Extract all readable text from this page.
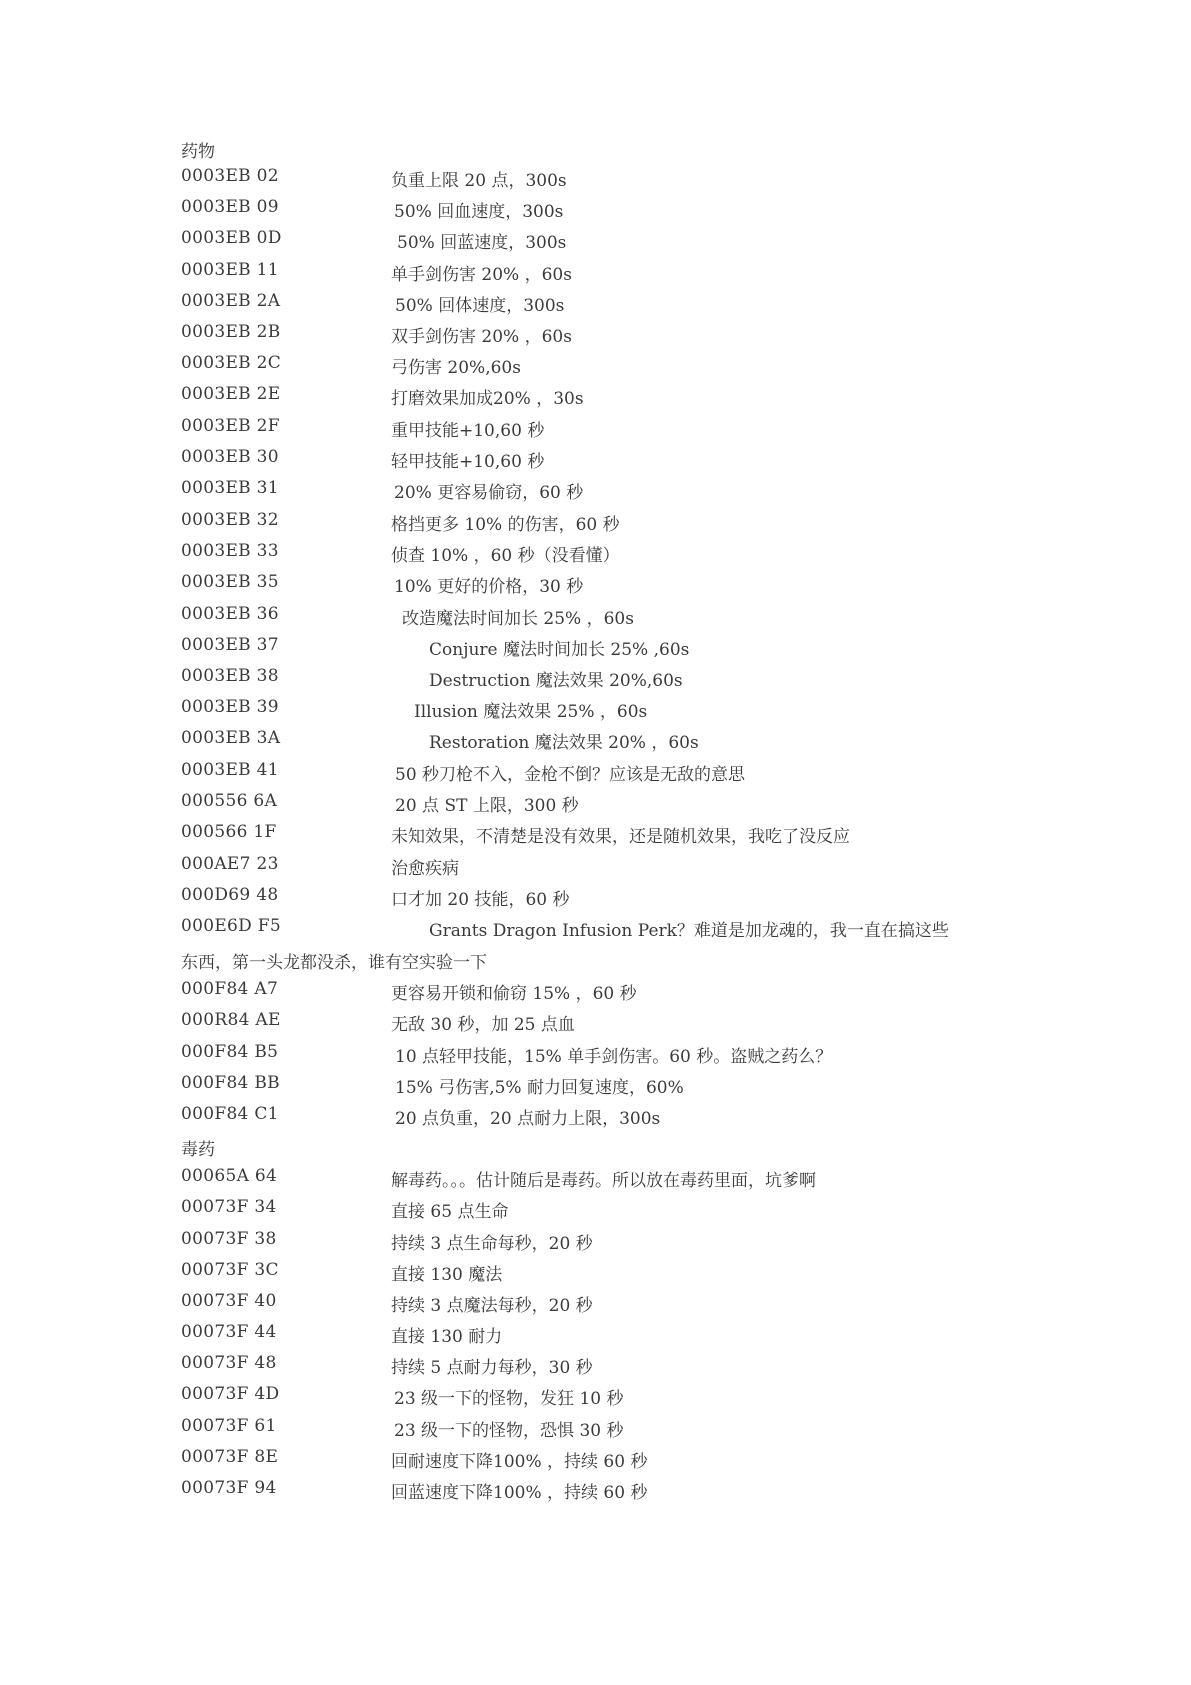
药物
0003EB 02	负重上限 20 点，300s
0003EB 09	50% 回血速度，300s
0003EB 0D	50% 回蓝速度，300s
0003EB 11	单手剑伤害 20% ，60s
0003EB 2A	50% 回体速度，300s
0003EB 2B	双手剑伤害 20% ，60s
0003EB 2C	弓伤害 20%,60s
0003EB 2E	打磨效果加成20% ，30s
0003EB 2F	重甲技能+10,60 秒
0003EB 30	轻甲技能+10,60 秒
0003EB 31	20% 更容易偷窃，60 秒
0003EB 32	格挡更多 10% 的伤害，60 秒
0003EB 33	侦查 10% ，60 秒（没看懂）
0003EB 35	10% 更好的价格，30 秒
0003EB 36	改造魔法时间加长 25% ，60s
0003EB 37	Conjure 魔法时间加长 25% ,60s
0003EB 38	Destruction 魔法效果 20%,60s
0003EB 39	Illusion 魔法效果 25% ，60s
0003EB 3A	Restoration 魔法效果 20% ，60s
0003EB 41	50 秒刀枪不入，金枪不倒？应该是无敌的意思
000556 6A	20 点 ST 上限，300 秒
000566 1F	未知效果，不清楚是没有效果，还是随机效果，我吃了没反应
000AE7 23	治愈疾病
000D69 48	口才加 20 技能，60 秒
000E6D F5	Grants Dragon Infusion Perk？难道是加龙魂的，我一直在搞这些
东西，第一头龙都没杀，谁有空实验一下
000F84 A7	更容易开锁和偷窃 15% ，60 秒
000R84 AE	无敌 30 秒，加 25 点血
000F84 B5	10 点轻甲技能，15% 单手剑伤害。60 秒。盗贼之药么？
000F84 BB	15% 弓伤害,5% 耐力回复速度，60%
000F84 C1	20 点负重，20 点耐力上限，300s
毒药
00065A 64	解毒药。。。估计随后是毒药。所以放在毒药里面，坑爹啊
00073F 34	直接 65 点生命
00073F 38	持续 3 点生命每秒，20 秒
00073F 3C	直接 130 魔法
00073F 40	持续 3 点魔法每秒，20 秒
00073F 44	直接 130 耐力
00073F 48	持续 5 点耐力每秒，30 秒
00073F 4D	23 级一下的怪物，发狂 10 秒
00073F 61	23 级一下的怪物，恐惧 30 秒
00073F 8E	回耐速度下降100% ，持续 60 秒
00073F 94	回蓝速度下降100% ，持续 60 秒
